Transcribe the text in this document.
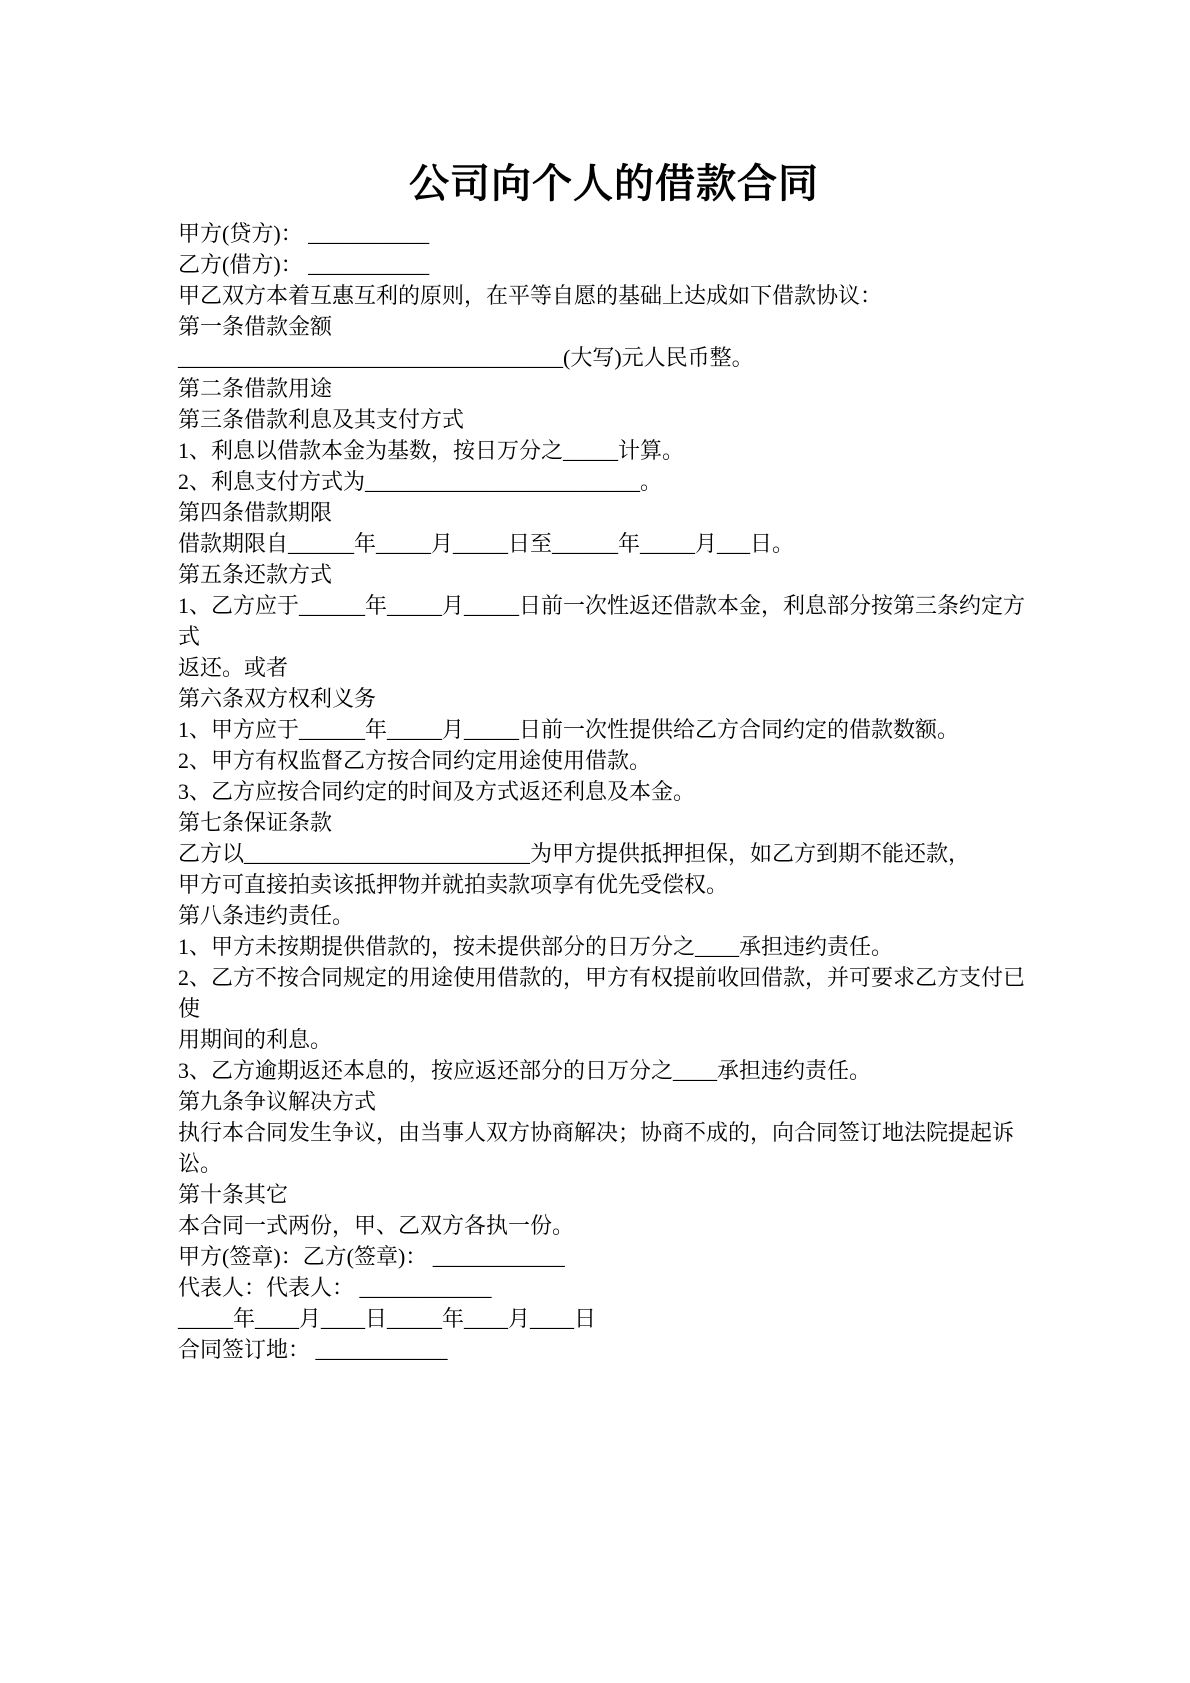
公司向个人的借款合同

甲方(贷方)： ___________

乙方(借方)： ___________

甲乙双方本着互惠互利的原则，在平等自愿的基础上达成如下借款协议：

第一条借款金额

___________________________________(大写)元人民币整。

第二条借款用途

第三条借款利息及其支付方式

1、利息以借款本金为基数，按日万分之_____计算。

2、利息支付方式为_________________________。

第四条借款期限

借款期限自______年_____月_____日至______年_____月___日。

第五条还款方式

1、乙方应于______年_____月_____日前一次性返还借款本金，利息部分按第三条约定方式

返还。或者

第六条双方权利义务

1、甲方应于______年_____月_____日前一次性提供给乙方合同约定的借款数额。

2、甲方有权监督乙方按合同约定用途使用借款。

3、乙方应按合同约定的时间及方式返还利息及本金。

第七条保证条款

乙方以__________________________为甲方提供抵押担保，如乙方到期不能还款，

甲方可直接拍卖该抵押物并就拍卖款项享有优先受偿权。

第八条违约责任。

1、甲方未按期提供借款的，按未提供部分的日万分之____承担违约责任。

2、乙方不按合同规定的用途使用借款的，甲方有权提前收回借款，并可要求乙方支付已使

用期间的利息。

3、乙方逾期返还本息的，按应返还部分的日万分之____承担违约责任。

第九条争议解决方式

执行本合同发生争议，由当事人双方协商解决；协商不成的，向合同签订地法院提起诉讼。

第十条其它

本合同一式两份，甲、乙双方各执一份。

甲方(签章)：乙方(签章)： ____________

代表人：代表人： ____________

_____年____月____日_____年____月____日

合同签订地： ____________
